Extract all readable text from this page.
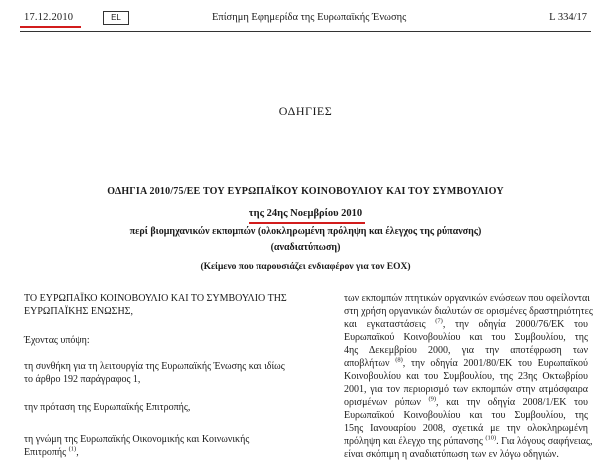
17.12.2010	EL	Επίσημη Εφημερίδα της Ευρωπαϊκής Ένωσης	L 334/17
ΟΔΗΓΙΕΣ
ΟΔΗΓΙΑ 2010/75/ΕΕ ΤΟΥ ΕΥΡΩΠΑΪΚΟΥ ΚΟΙΝΟΒΟΥΛΙΟΥ ΚΑΙ ΤΟΥ ΣΥΜΒΟΥΛΙΟΥ
της 24ης Νοεμβρίου 2010
περί βιομηχανικών εκπομπών (ολοκληρωμένη πρόληψη και έλεγχος της ρύπανσης)
(αναδιατύπωση)
(Κείμενο που παρουσιάζει ενδιαφέρον για τον ΕΟΧ)

ΤΟ ΕΥΡΩΠΑΪΚΟ ΚΟΙΝΟΒΟΥΛΙΟ ΚΑΙ ΤΟ ΣΥΜΒΟΥΛΙΟ ΤΗΣ ΕΥΡΩΠΑΪΚΗΣ ΕΝΩΣΗΣ,

Έχοντας υπόψη:

τη συνθήκη για τη λειτουργία της Ευρωπαϊκής Ένωσης και ιδίως το άρθρο 192 παράγραφος 1,

την πρόταση της Ευρωπαϊκής Επιτροπής,

τη γνώμη της Ευρωπαϊκής Οικονομικής και Κοινωνικής Επιτροπής $^{(1)}$,

των εκπομπών πτητικών οργανικών ενώσεων που οφείλονται
στη χρήση οργανικών διαλυτών σε ορισμένες δραστηριότητες
και εγκαταστάσεις $^{(7)}$, την οδηγία 2000/76/ΕΚ του
Ευρωπαϊκού Κοινοβουλίου και του Συμβουλίου, της
4ης Δεκεμβρίου 2000, για την αποτέφρωση των
αποβλήτων $^{(8)}$, την οδηγία 2001/80/ΕΚ του Ευρωπαϊκού
Κοινοβουλίου και του Συμβουλίου, της 23ης Οκτωβρίου
2001, για τον περιορισμό των εκπομπών στην ατμόσφαιρα
ορισμένων ρύπων $^{(9)}$, και την οδηγία 2008/1/ΕΚ του
Ευρωπαϊκού Κοινοβουλίου και του Συμβουλίου, της
15ης Ιανουαρίου 2008, σχετικά με την ολοκληρωμένη
πρόληψη και έλεγχο της ρύπανσης $^{(10)}$. Για λόγους σαφήνειας,
είναι σκόπιμη η αναδιατύπωση των εν λόγω οδηγιών.
